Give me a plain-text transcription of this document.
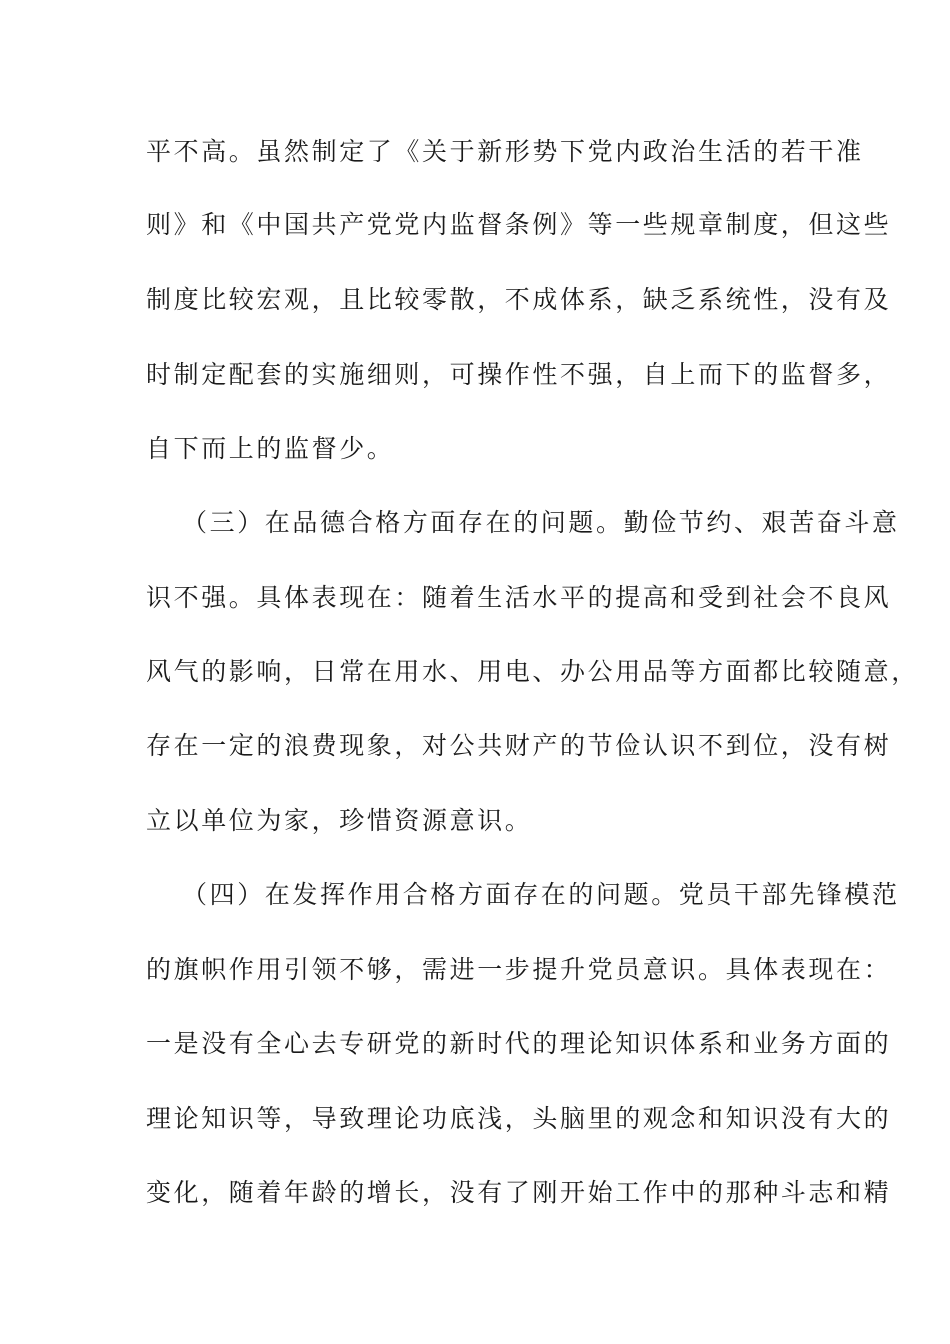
平不高。虽然制定了《关于新形势下党内政治生活的若干准
则》和《中国共产党党内监督条例》等一些规章制度，但这些
制度比较宏观，且比较零散，不成体系，缺乏系统性，没有及
时制定配套的实施细则，可操作性不强，自上而下的监督多，
自下而上的监督少。
（三）在品德合格方面存在的问题。勤俭节约、艰苦奋斗意
识不强。具体表现在：随着生活水平的提高和受到社会不良风
风气的影响，日常在用水、用电、办公用品等方面都比较随意，
存在一定的浪费现象，对公共财产的节俭认识不到位，没有树
立以单位为家，珍惜资源意识。
（四）在发挥作用合格方面存在的问题。党员干部先锋模范
的旗帜作用引领不够，需进一步提升党员意识。具体表现在：
一是没有全心去专研党的新时代的理论知识体系和业务方面的
理论知识等，导致理论功底浅，头脑里的观念和知识没有大的
变化，随着年龄的增长，没有了刚开始工作中的那种斗志和精
